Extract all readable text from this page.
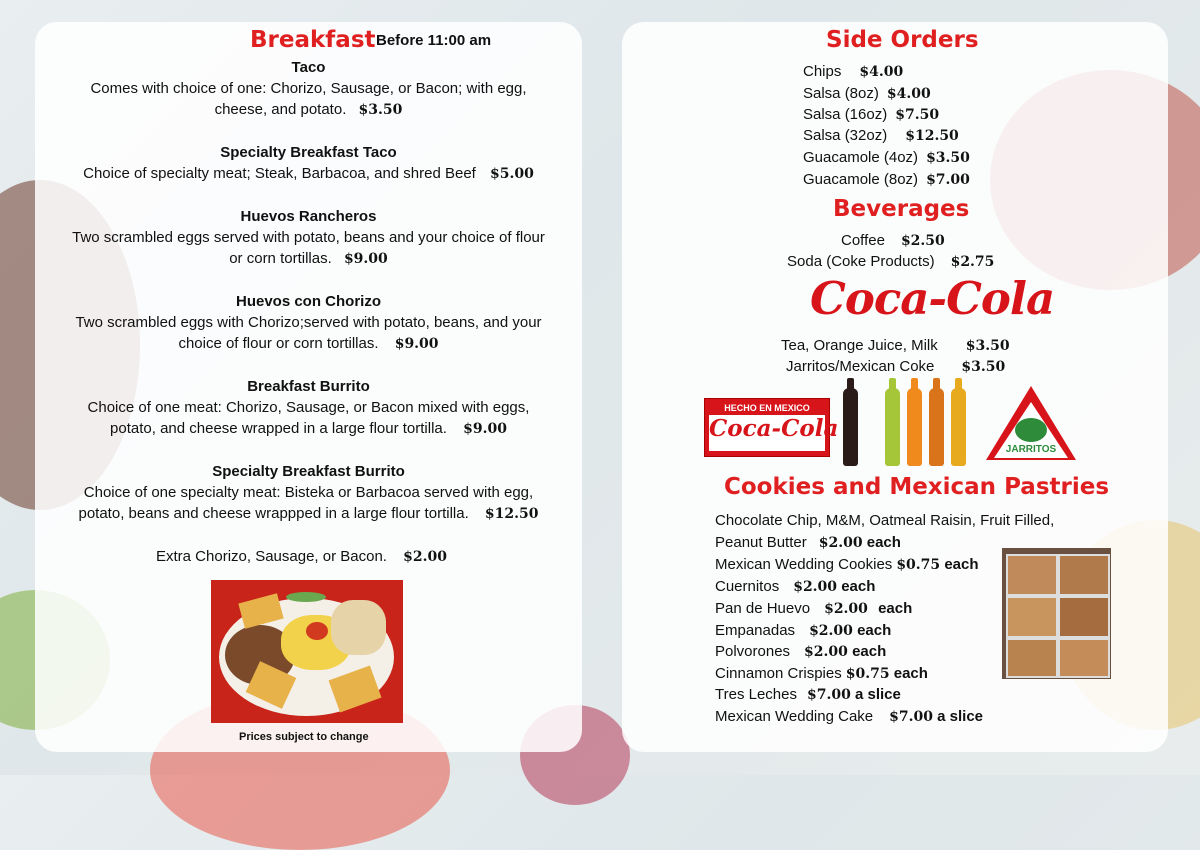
Breakfast Before 11:00 am
Taco
Comes with choice of one: Chorizo, Sausage, or Bacon; with egg,
cheese, and potato. $3.50
Specialty Breakfast Taco
Choice of specialty meat; Steak, Barbacoa, and shred Beef $5.00
Huevos Rancheros
Two scrambled eggs served with potato, beans and your choice of flour
or corn tortillas. $9.00
Huevos con Chorizo
Two scrambled eggs with Chorizo;served with potato, beans, and your
choice of flour or corn tortillas. $9.00
Breakfast Burrito
Choice of one meat: Chorizo, Sausage, or Bacon mixed with eggs,
potato, and cheese wrapped in a large flour tortilla. $9.00
Specialty Breakfast Burrito
Choice of one specialty meat: Bisteka or Barbacoa served with egg,
potato, beans and cheese wrappped in a large flour tortilla. $12.50
Extra Chorizo, Sausage, or Bacon. $2.00
Prices subject to change
Side Orders
Chips $4.00
Salsa (8oz) $4.00
Salsa (16oz) $7.50
Salsa (32oz) $12.50
Guacamole (4oz) $3.50
Guacamole (8oz) $7.00
Beverages
Coffee $2.50
Soda (Coke Products) $2.75
Coca-Cola
Tea, Orange Juice, Milk $3.50
Jarritos/Mexican Coke $3.50
HECHO EN MEXICO
Coca-Cola
JARRITOS
Cookies and Mexican Pastries
Chocolate Chip, M&M, Oatmeal Raisin, Fruit Filled,
Peanut Butter $2.00 each
Mexican Wedding Cookies $0.75 each
Cuernitos $2.00 each
Pan de Huevo $2.00 each
Empanadas $2.00 each
Polvorones $2.00 each
Cinnamon Crispies $0.75 each
Tres Leches $7.00 a slice
Mexican Wedding Cake $7.00 a slice
